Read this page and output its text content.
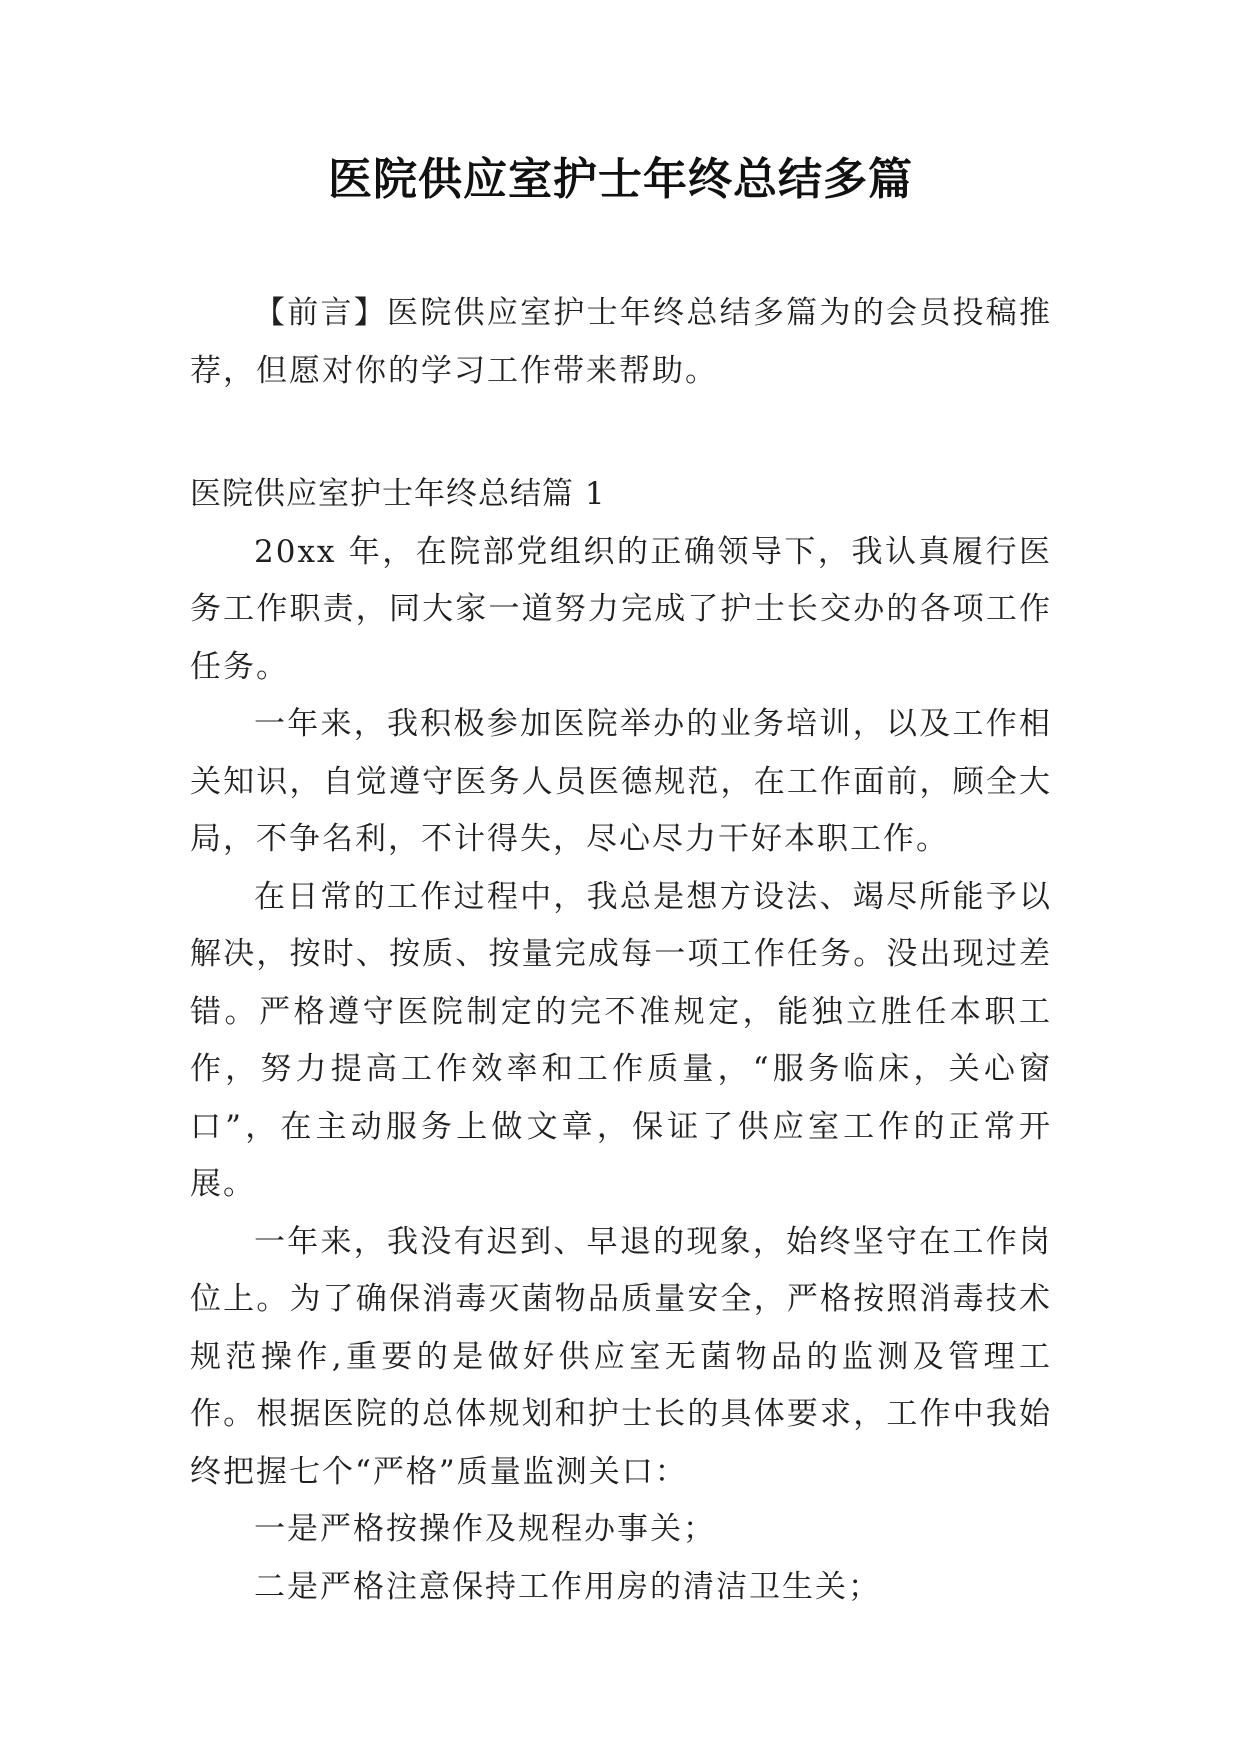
医院供应室护士年终总结多篇

【前言】医院供应室护士年终总结多篇为的会员投稿推荐，但愿对你的学习工作带来帮助。

医院供应室护士年终总结篇 1

20xx 年，在院部党组织的正确领导下，我认真履行医务工作职责，同大家一道努力完成了护士长交办的各项工作任务。

一年来，我积极参加医院举办的业务培训，以及工作相关知识，自觉遵守医务人员医德规范，在工作面前，顾全大局，不争名利，不计得失，尽心尽力干好本职工作。

在日常的工作过程中，我总是想方设法、竭尽所能予以解决，按时、按质、按量完成每一项工作任务。没出现过差错。严格遵守医院制定的完不准规定，能独立胜任本职工作，努力提高工作效率和工作质量，“服务临床，关心窗口”，在主动服务上做文章，保证了供应室工作的正常开展。

一年来，我没有迟到、早退的现象，始终坚守在工作岗位上。为了确保消毒灭菌物品质量安全，严格按照消毒技术规范操作,重要的是做好供应室无菌物品的监测及管理工作。根据医院的总体规划和护士长的具体要求，工作中我始终把握七个“严格”质量监测关口：

一是严格按操作及规程办事关；

二是严格注意保持工作用房的清洁卫生关；
